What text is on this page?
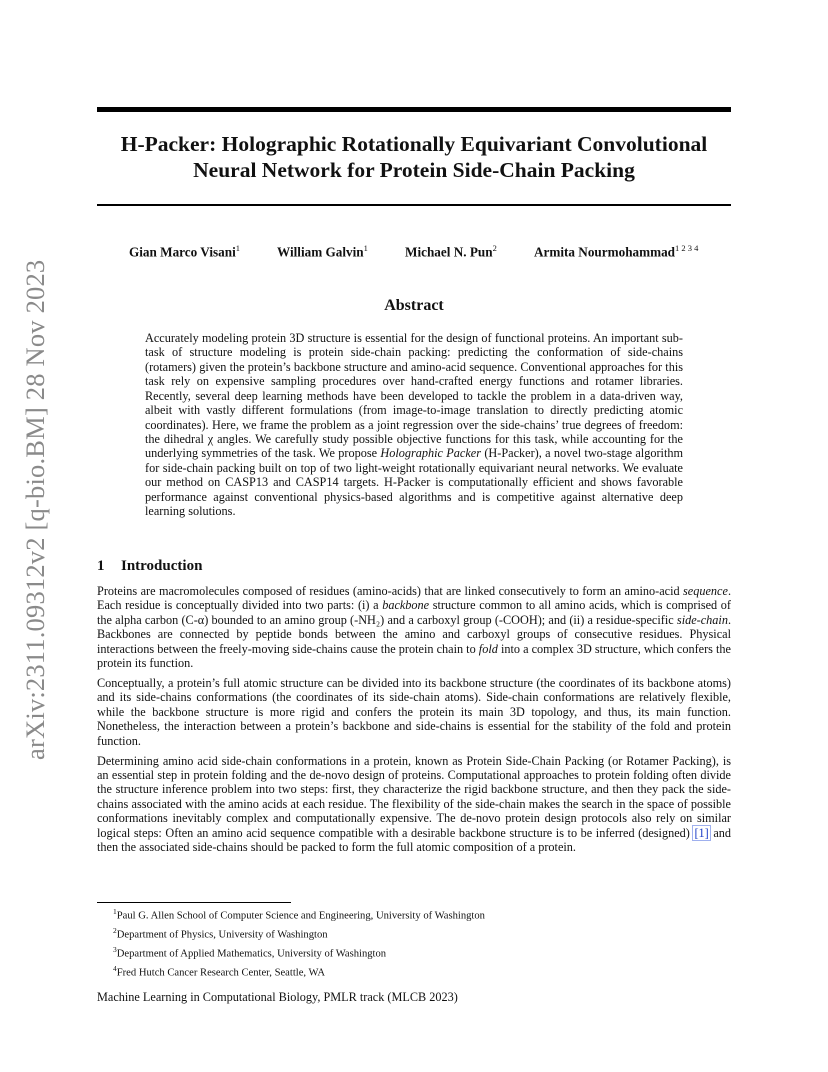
arXiv:2311.09312v2 [q-bio.BM] 28 Nov 2023
H-Packer: Holographic Rotationally Equivariant Convolutional
Neural Network for Protein Side-Chain Packing
Gian Marco Visani$^1$	William Galvin$^1$	Michael N. Pun$^2$	Armita Nourmohammad$^{1 2 3 4}$
Abstract

Accurately modeling protein 3D structure is essential for the design of functional proteins. An important sub-task of structure modeling is protein side-chain packing: predicting the conformation of side-chains (rotamers) given the protein’s backbone structure and amino-acid sequence. Conventional approaches for this task rely on expensive sampling procedures over hand-crafted energy functions and rotamer libraries. Recently, several deep learning methods have been developed to tackle the problem in a data-driven way, albeit with vastly different formulations (from image-to-image translation to directly predicting atomic coordinates). Here, we frame the problem as a joint regression over the side-chains’ true degrees of freedom: the dihedral χ angles. We carefully study possible objective functions for this task, while accounting for the underlying symmetries of the task. We propose Holographic Packer (H-Packer), a novel two-stage algorithm for side-chain packing built on top of two light-weight rotationally equivariant neural networks. We evaluate our method on CASP13 and CASP14 targets. H-Packer is computationally efficient and shows favorable performance against conventional physics-based algorithms and is competitive against alternative deep learning solutions.

1 Introduction

Proteins are macromolecules composed of residues (amino-acids) that are linked consecutively to form an amino-acid sequence. Each residue is conceptually divided into two parts: (i) a backbone structure common to all amino acids, which is comprised of the alpha carbon (C-α) bounded to an amino group (-NH₂) and a carboxyl group (-COOH); and (ii) a residue-specific side-chain. Backbones are connected by peptide bonds between the amino and carboxyl groups of consecutive residues. Physical interactions between the freely-moving side-chains cause the protein chain to fold into a complex 3D structure, which confers the protein its function.

Conceptually, a protein’s full atomic structure can be divided into its backbone structure (the coordinates of its backbone atoms) and its side-chains conformations (the coordinates of its side-chain atoms). Side-chain conformations are relatively flexible, while the backbone structure is more rigid and confers the protein its main 3D topology, and thus, its main function. Nonetheless, the interaction between a protein’s backbone and side-chains is essential for the stability of the fold and protein function.

Determining amino acid side-chain conformations in a protein, known as Protein Side-Chain Packing (or Rotamer Packing), is an essential step in protein folding and the de-novo design of proteins. Computational approaches to protein folding often divide the structure inference problem into two steps: first, they characterize the rigid backbone structure, and then they pack the side-chains associated with the amino acids at each residue. The flexibility of the side-chain makes the search in the space of possible conformations inevitably complex and computationally expensive. The de-novo protein design protocols also rely on similar logical steps: Often an amino acid sequence compatible with a desirable backbone structure is to be inferred (designed) [1] and then the associated side-chains should be packed to form the full atomic composition of a protein.

$^1$Paul G. Allen School of Computer Science and Engineering, University of Washington
$^2$Department of Physics, University of Washington
$^3$Department of Applied Mathematics, University of Washington
$^4$Fred Hutch Cancer Research Center, Seattle, WA
Machine Learning in Computational Biology, PMLR track (MLCB 2023)
